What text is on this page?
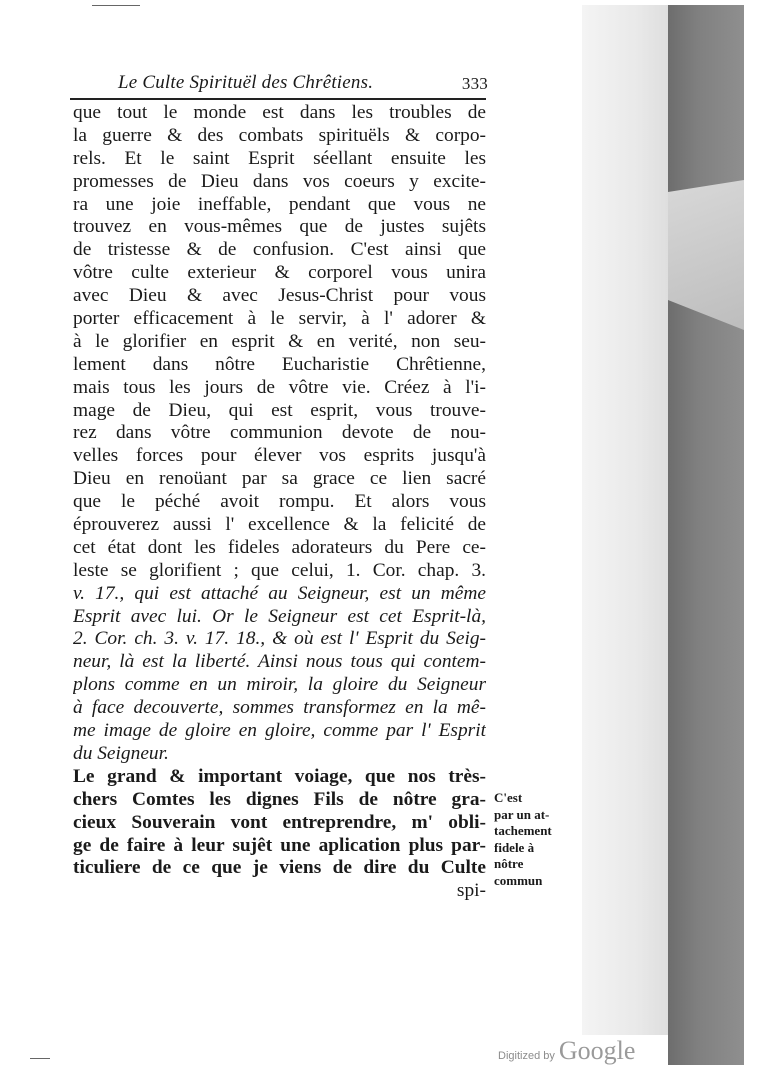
Le Culte Spirituël des Chrêtiens.	333
que tout le monde est dans les troubles de
la guerre & des combats spirituëls & corpo-
rels. Et le saint Esprit séellant ensuite les
promesses de Dieu dans vos coeurs y excite-
ra une joie ineffable, pendant que vous ne
trouvez en vous-mêmes que de justes sujêts
de tristesse & de confusion. C'est ainsi que
vôtre culte exterieur & corporel vous unira
avec Dieu & avec Jesus-Christ pour vous
porter efficacement à le servir, à l' adorer &
à le glorifier en esprit & en verité, non seu-
lement dans nôtre Eucharistie Chrêtienne,
mais tous les jours de vôtre vie. Créez à l'i-
mage de Dieu, qui est esprit, vous trouve-
rez dans vôtre communion devote de nou-
velles forces pour élever vos esprits jusqu'à
Dieu en renoüant par sa grace ce lien sacré
que le péché avoit rompu. Et alors vous
éprouverez aussi l' excellence & la felicité de
cet état dont les fideles adorateurs du Pere ce-
leste se glorifient ; que celui, 1. Cor. chap. 3.
v. 17., qui est attaché au Seigneur, est un même
Esprit avec lui. Or le Seigneur est cet Esprit-là,
2. Cor. ch. 3. v. 17. 18., & où est l' Esprit du Seig-
neur, là est la liberté. Ainsi nous tous qui contem-
plons comme en un miroir, la gloire du Seigneur
à face decouverte, sommes transformez en la mê-
me image de gloire en gloire, comme par l' Esprit
du Seigneur.
Le grand & important voiage, que nos très-
chers Comtes les dignes Fils de nôtre gra-
cieux Souverain vont entreprendre, m' obli-
ge de faire à leur sujêt une aplication plus par-
ticuliere de ce que je viens de dire du Culte
spi-
C'est
par un at-
tachement
fidele à
nôtre
commun
Digitized by Google
